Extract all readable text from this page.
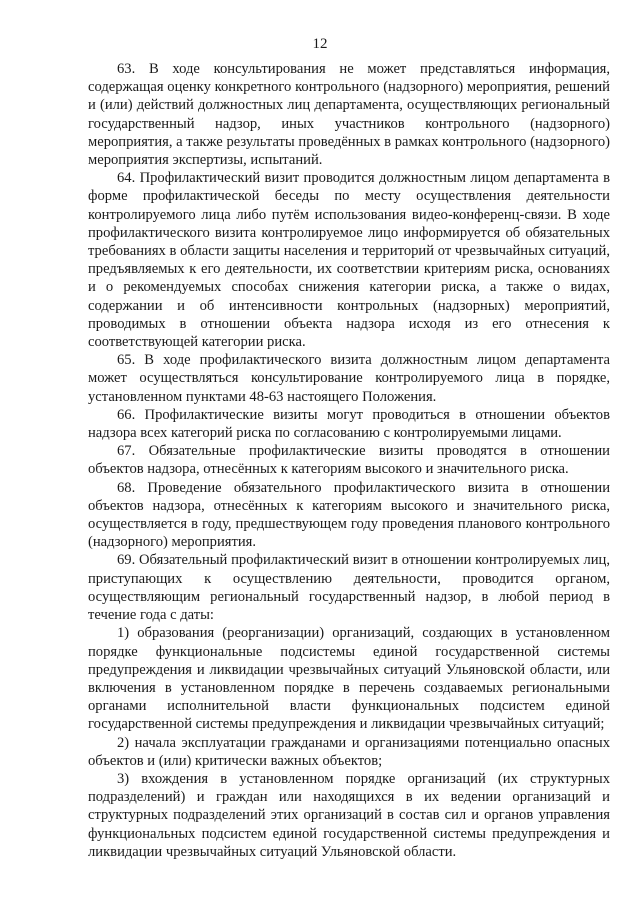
12

63. В ходе консультирования не может представляться информация, содержащая оценку конкретного контрольного (надзорного) мероприятия, решений и (или) действий должностных лиц департамента, осуществляющих региональный государственный надзор, иных участников контрольного (надзорного) мероприятия, а также результаты проведённых в рамках контрольного (надзорного) мероприятия экспертизы, испытаний.

64. Профилактический визит проводится должностным лицом департамента в форме профилактической беседы по месту осуществления деятельности контролируемого лица либо путём использования видео-конференц-связи. В ходе профилактического визита контролируемое лицо информируется об обязательных требованиях в области защиты населения и территорий от чрезвычайных ситуаций, предъявляемых к его деятельности, их соответствии критериям риска, основаниях и о рекомендуемых способах снижения категории риска, а также о видах, содержании и об интенсивности контрольных (надзорных) мероприятий, проводимых в отношении объекта надзора исходя из его отнесения к соответствующей категории риска.

65. В ходе профилактического визита должностным лицом департамента может осуществляться консультирование контролируемого лица в порядке, установленном пунктами 48-63 настоящего Положения.

66. Профилактические визиты могут проводиться в отношении объектов надзора всех категорий риска по согласованию с контролируемыми лицами.

67. Обязательные профилактические визиты проводятся в отношении объектов надзора, отнесённых к категориям высокого и значительного риска.

68. Проведение обязательного профилактического визита в отношении объектов надзора, отнесённых к категориям высокого и значительного риска, осуществляется в году, предшествующем году проведения планового контрольного (надзорного) мероприятия.

69. Обязательный профилактический визит в отношении контролируемых лиц, приступающих к осуществлению деятельности, проводится органом, осуществляющим региональный государственный надзор, в любой период в течение года с даты:

1) образования (реорганизации) организаций, создающих в установленном порядке функциональные подсистемы единой государственной системы предупреждения и ликвидации чрезвычайных ситуаций Ульяновской области, или включения в установленном порядке в перечень создаваемых региональными органами исполнительной власти функциональных подсистем единой государственной системы предупреждения и ликвидации чрезвычайных ситуаций;

2) начала эксплуатации гражданами и организациями потенциально опасных объектов и (или) критически важных объектов;

3) вхождения в установленном порядке организаций (их структурных подразделений) и граждан или находящихся в их ведении организаций и структурных подразделений этих организаций в состав сил и органов управления функциональных подсистем единой государственной системы предупреждения и ликвидации чрезвычайных ситуаций Ульяновской области.
